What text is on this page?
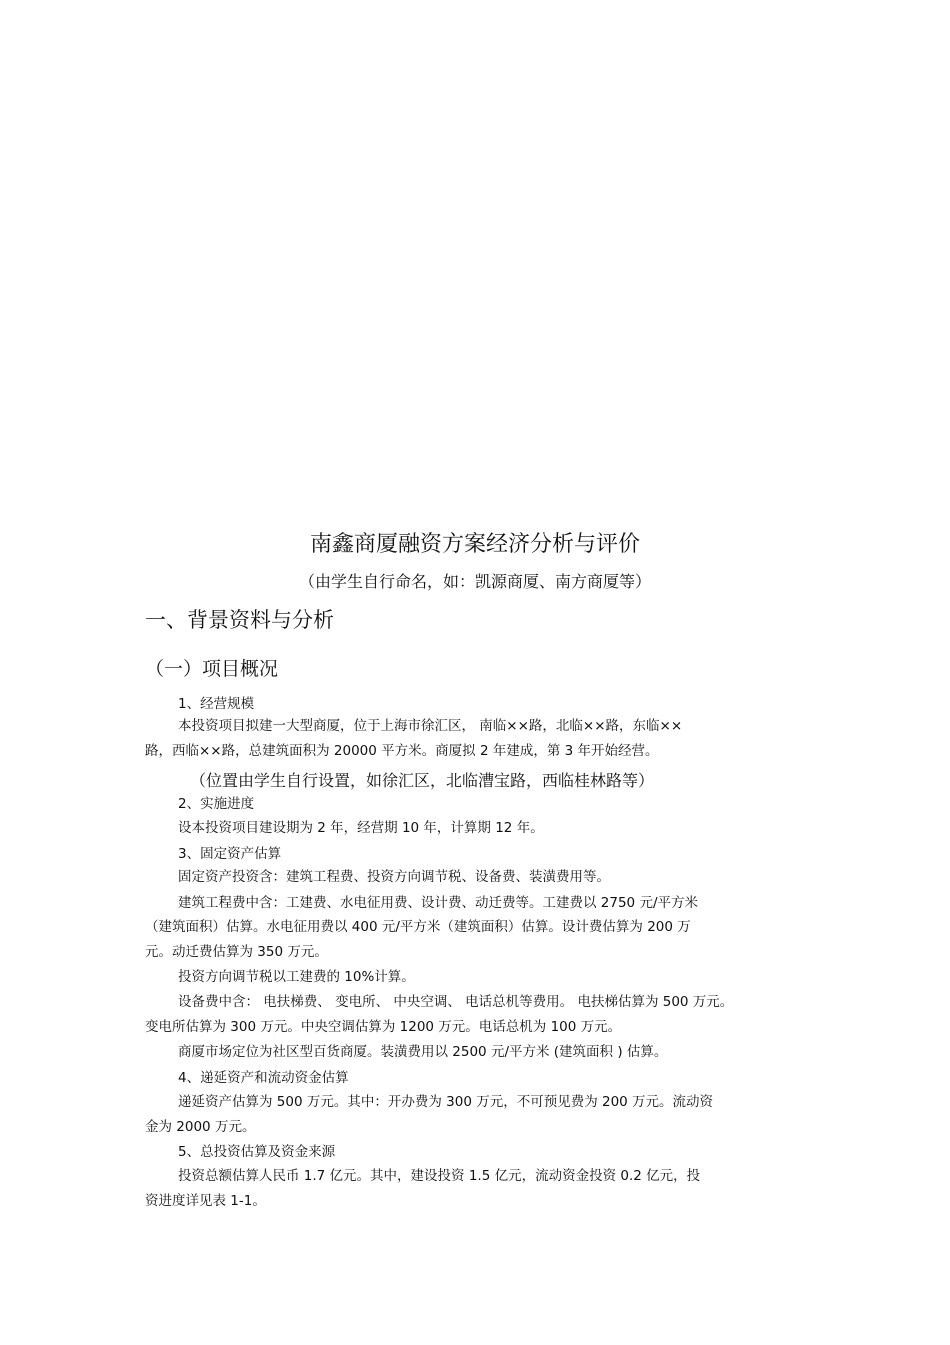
南鑫商厦融资方案经济分析与评价
（由学生自行命名，如：凯源商厦、南方商厦等）
一、背景资料与分析
（一）项目概况
1、经营规模
本投资项目拟建一大型商厦，位于上海市徐汇区， 南临××路，北临××路，东临××
路，西临××路，总建筑面积为 20000 平方米。商厦拟 2 年建成，第 3 年开始经营。
（位置由学生自行设置，如徐汇区，北临漕宝路，西临桂林路等）
2、实施进度
设本投资项目建设期为 2 年，经营期 10 年，计算期 12 年。
3、固定资产估算
固定资产投资含：建筑工程费、投资方向调节税、设备费、装潢费用等。
建筑工程费中含：工建费、水电征用费、设计费、动迁费等。工建费以 2750 元/平方米
（建筑面积）估算。水电征用费以 400 元/平方米（建筑面积）估算。设计费估算为 200 万
元。动迁费估算为 350 万元。
投资方向调节税以工建费的 10%计算。
设备费中含： 电扶梯费、 变电所、 中央空调、 电话总机等费用。 电扶梯估算为 500 万元。
变电所估算为 300 万元。中央空调估算为 1200 万元。电话总机为 100 万元。
商厦市场定位为社区型百货商厦。装潢费用以 2500 元/平方米 (建筑面积 ) 估算。
4、递延资产和流动资金估算
递延资产估算为 500 万元。其中：开办费为 300 万元，不可预见费为 200 万元。流动资
金为 2000 万元。
5、总投资估算及资金来源
投资总额估算人民币 1.7 亿元。其中，建设投资 1.5 亿元，流动资金投资 0.2 亿元，投
资进度详见表 1-1。
